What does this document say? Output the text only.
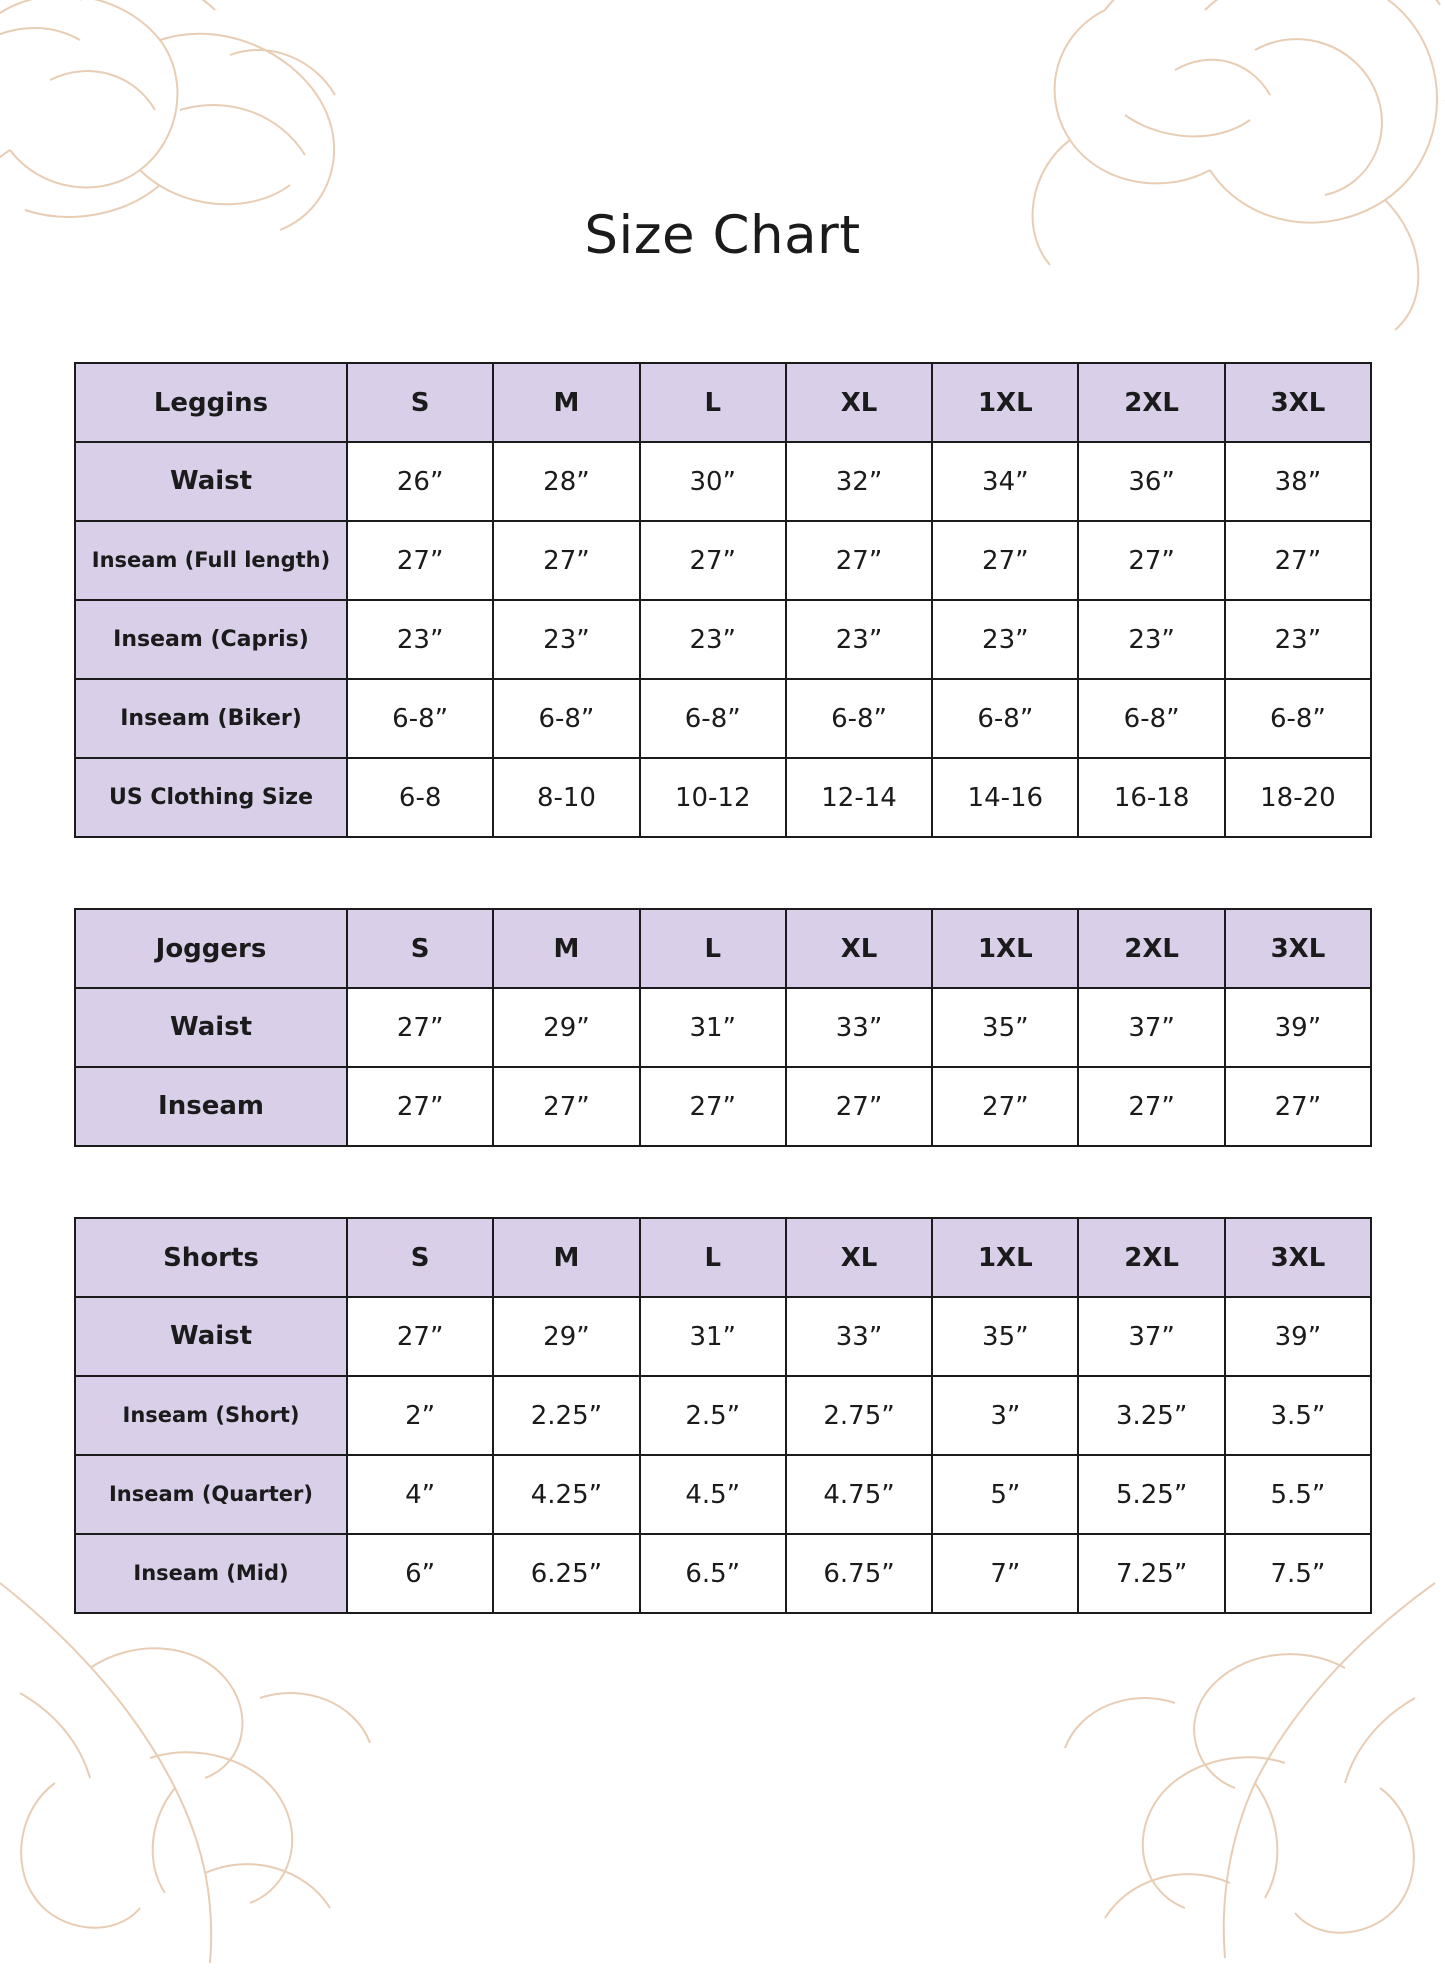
Size Chart
Leggins	S	M	L	XL	1XL	2XL	3XL
Waist	26”	28”	30”	32”	34”	36”	38”
Inseam (Full length)	27”	27”	27”	27”	27”	27”	27”
Inseam (Capris)	23”	23”	23”	23”	23”	23”	23”
Inseam (Biker)	6-8”	6-8”	6-8”	6-8”	6-8”	6-8”	6-8”
US Clothing Size	6-8	8-10	10-12	12-14	14-16	16-18	18-20
Joggers	S	M	L	XL	1XL	2XL	3XL
Waist	27”	29”	31”	33”	35”	37”	39”
Inseam	27”	27”	27”	27”	27”	27”	27”
Shorts	S	M	L	XL	1XL	2XL	3XL
Waist	27”	29”	31”	33”	35”	37”	39”
Inseam (Short)	2”	2.25”	2.5”	2.75”	3”	3.25”	3.5”
Inseam (Quarter)	4”	4.25”	4.5”	4.75”	5”	5.25”	5.5”
Inseam (Mid)	6”	6.25”	6.5”	6.75”	7”	7.25”	7.5”
